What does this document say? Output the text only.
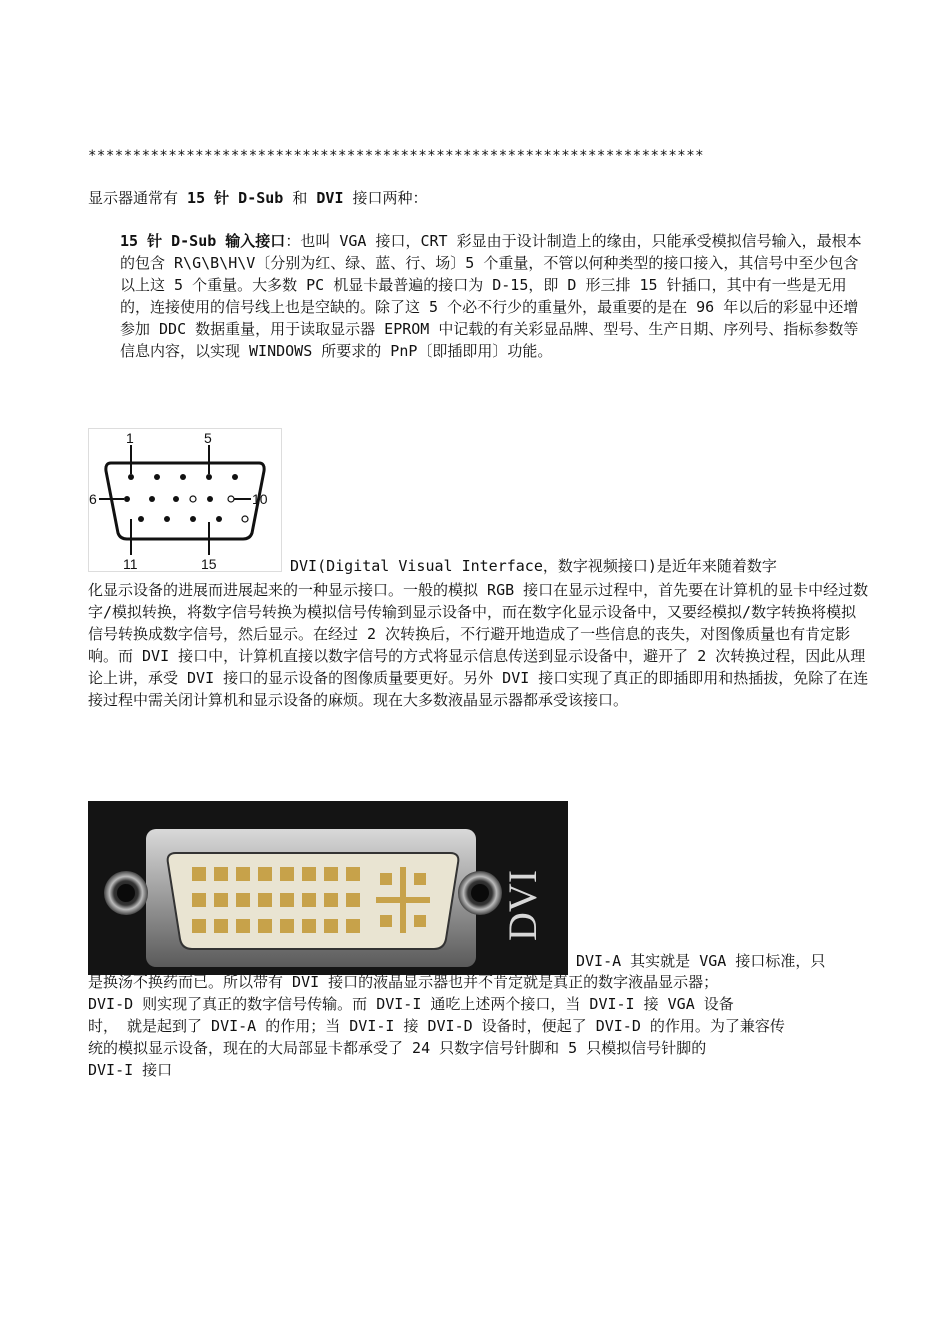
*********************************************************************
显示器通常有 15 针 D-Sub 和 DVI 接口两种：

15 针 D-Sub 输入接口：也叫 VGA 接口，CRT 彩显由于设计制造上的缘由，只能承受模拟信号输入，最根本的包含 R\G\B\H\V〔分别为红、绿、蓝、行、场〕5 个重量，不管以何种类型的接口接入，其信号中至少包含以上这 5 个重量。大多数 PC 机显卡最普遍的接口为 D-15，即 D 形三排 15 针插口，其中有一些是无用的，连接使用的信号线上也是空缺的。除了这 5 个必不行少的重量外，最重要的是在 96 年以后的彩显中还增参加 DDC 数据重量，用于读取显示器 EPROM 中记载的有关彩显品牌、型号、生产日期、序列号、指标参数等信息内容，以实现 WINDOWS 所要求的 PnP〔即插即用〕功能。

1	5
6	10
11	15	DVI(Digital Visual Interface，数字视频接口)是近年来随着数字

化显示设备的进展而进展起来的一种显示接口。一般的模拟 RGB 接口在显示过程中，首先要在计算机的显卡中经过数字/模拟转换，将数字信号转换为模拟信号传输到显示设备中，而在数字化显示设备中，又要经模拟/数字转换将模拟信号转换成数字信号，然后显示。在经过 2 次转换后，不行避开地造成了一些信息的丧失，对图像质量也有肯定影响。而 DVI 接口中，计算机直接以数字信号的方式将显示信息传送到显示设备中，避开了 2 次转换过程，因此从理论上讲，承受 DVI 接口的显示设备的图像质量要更好。另外 DVI 接口实现了真正的即插即用和热插拔，免除了在连接过程中需关闭计算机和显示设备的麻烦。现在大多数液晶显示器都承受该接口。

DVI
DVI-A 其实就是 VGA 接口标准，只
是换汤不换药而已。所以带有 DVI 接口的液晶显示器也并不肯定就是真正的数字液晶显示器；
DVI-D 则实现了真正的数字信号传输。而 DVI-I 通吃上述两个接口，当 DVI-I 接 VGA 设备
时， 就是起到了 DVI-A 的作用；当 DVI-I 接 DVI-D 设备时，便起了 DVI-D 的作用。为了兼容传
统的模拟显示设备，现在的大局部显卡都承受了 24 只数字信号针脚和 5 只模拟信号针脚的
DVI-I 接口
